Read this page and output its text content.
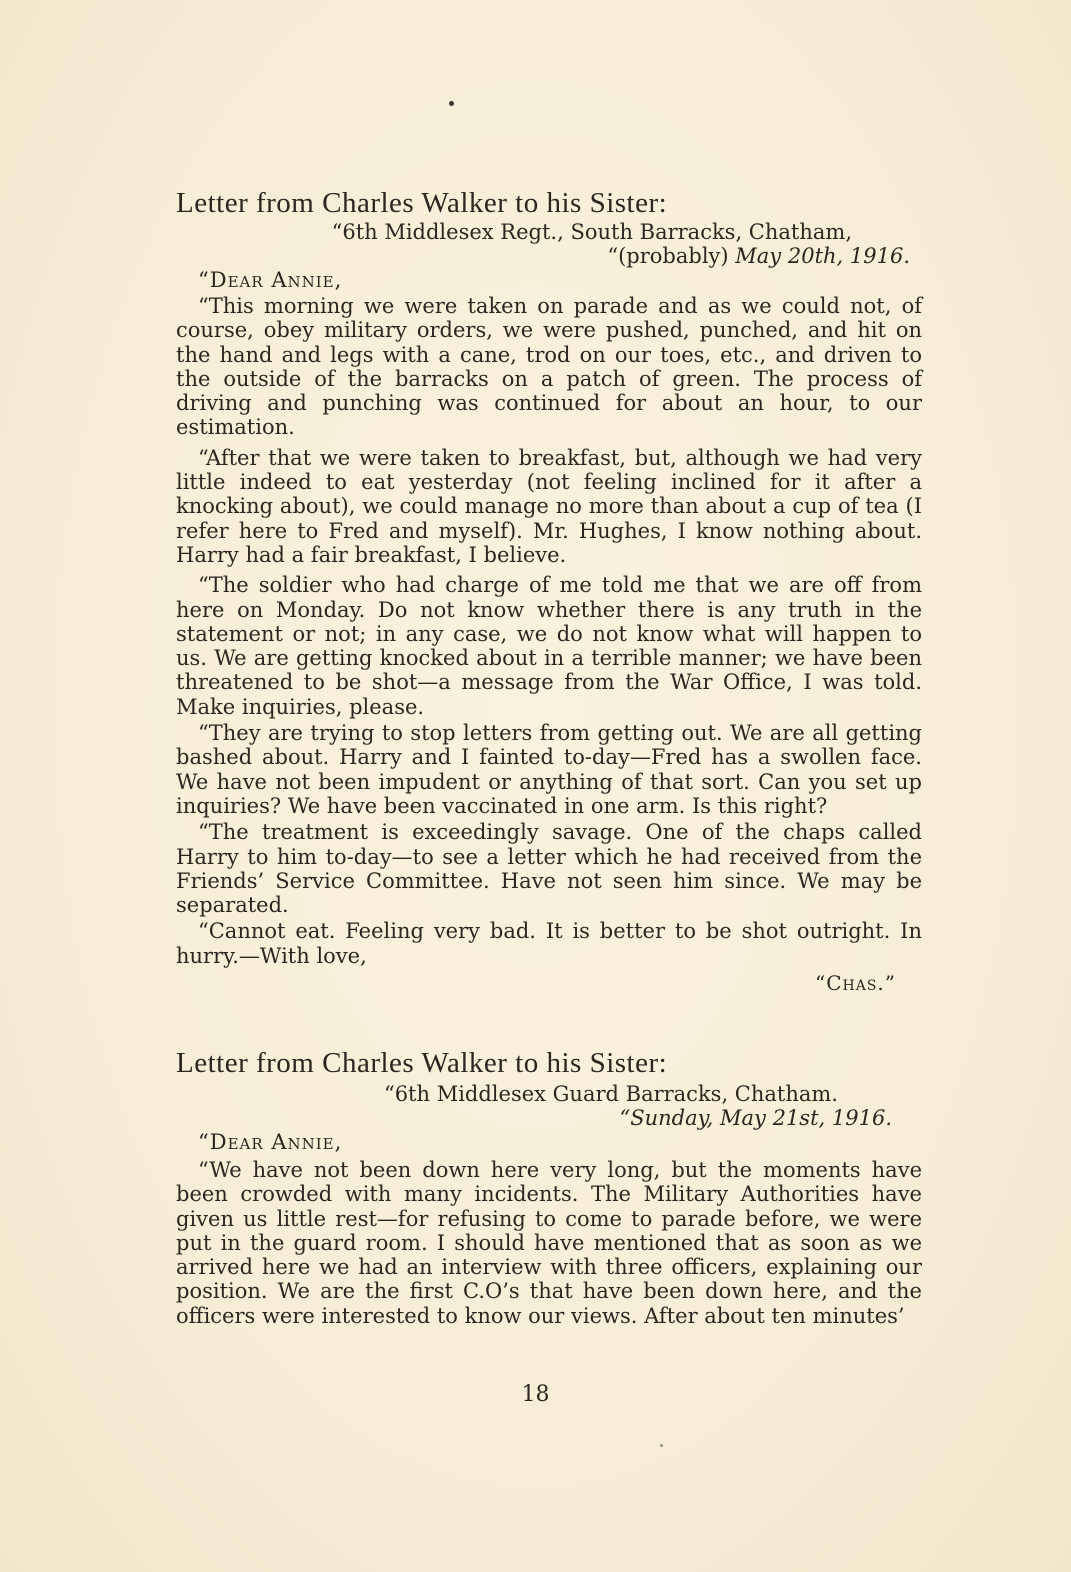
Letter from Charles Walker to his Sister:

“6th Middlesex Regt., South Barracks, Chatham,

“(probably) May 20th, 1916.

“Dear Annie,

“This morning we were taken on parade and as we could not, of course, obey military orders, we were pushed, punched, and hit on the hand and legs with a cane, trod on our toes, etc., and driven to the outside of the barracks on a patch of green. The process of driving and punching was continued for about an hour, to our estimation.

“After that we were taken to breakfast, but, although we had very little indeed to eat yesterday (not feeling inclined for it after a knocking about), we could manage no more than about a cup of tea (I refer here to Fred and myself). Mr. Hughes, I know nothing about. Harry had a fair breakfast, I believe.

“The soldier who had charge of me told me that we are off from here on Monday. Do not know whether there is any truth in the statement or not; in any case, we do not know what will happen to us. We are getting knocked about in a terrible manner; we have been threatened to be shot—a message from the War Office, I was told. Make inquiries, please.

“They are trying to stop letters from getting out. We are all getting bashed about. Harry and I fainted to-day—Fred has a swollen face. We have not been impudent or anything of that sort. Can you set up inquiries? We have been vaccinated in one arm. Is this right?

“The treatment is exceedingly savage. One of the chaps called Harry to him to-day—to see a letter which he had received from the Friends’ Service Committee. Have not seen him since. We may be separated.

“Cannot eat. Feeling very bad. It is better to be shot outright. In hurry.—With love,

“Chas.”

Letter from Charles Walker to his Sister:

“6th Middlesex Guard Barracks, Chatham.

“Sunday, May 21st, 1916.

“Dear Annie,

“We have not been down here very long, but the moments have been crowded with many incidents. The Military Authorities have given us little rest—for refusing to come to parade before, we were put in the guard room. I should have mentioned that as soon as we arrived here we had an interview with three officers, explaining our position. We are the first C.O’s that have been down here, and the officers were interested to know our views. After about ten minutes’

18
